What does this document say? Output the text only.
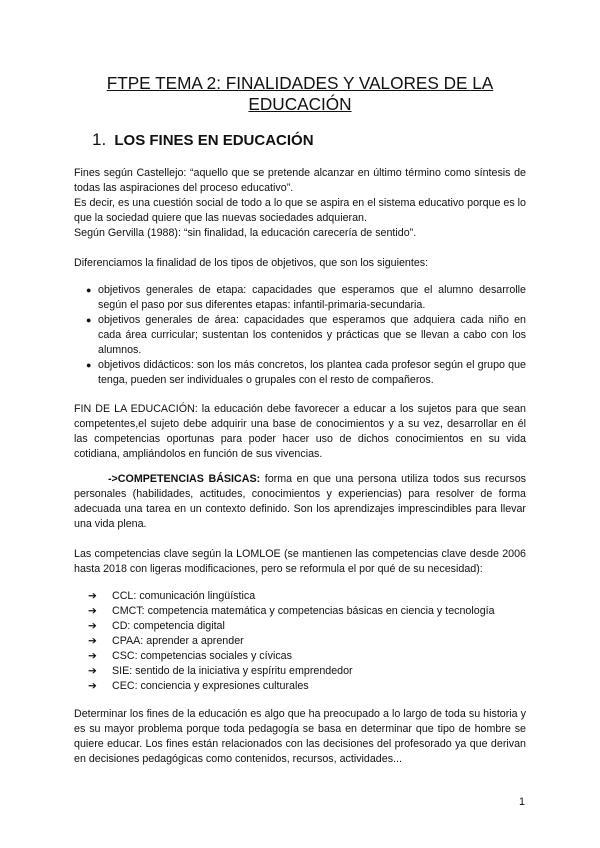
FTPE TEMA 2: FINALIDADES Y VALORES DE LA
EDUCACIÓN
1. LOS FINES EN EDUCACIÓN

Fines según Castellejo: “aquello que se pretende alcanzar en último término como síntesis de todas las aspiraciones del proceso educativo”.

Es decir, es una cuestión social de todo a lo que se aspira en el sistema educativo porque es lo que la sociedad quiere que las nuevas sociedades adquieran.

Según Gervilla (1988): “sin finalidad, la educación carecería de sentido”.

Diferenciamos la finalidad de los tipos de objetivos, que son los siguientes:

● objetivos generales de etapa: capacidades que esperamos que el alumno desarrolle según el paso por sus diferentes etapas: infantil-primaria-secundaria.
● objetivos generales de área: capacidades que esperamos que adquiera cada niño en cada área curricular; sustentan los contenidos y prácticas que se llevan a cabo con los alumnos.
● objetivos didácticos: son los más concretos, los plantea cada profesor según el grupo que tenga, pueden ser individuales o grupales con el resto de compañeros.

FIN DE LA EDUCACIÓN: la educación debe favorecer a educar a los sujetos para que sean competentes,el sujeto debe adquirir una base de conocimientos y a su vez, desarrollar en él las competencias oportunas para poder hacer uso de dichos conocimientos en su vida cotidiana, ampliándolos en función de sus vivencias.

->COMPETENCIAS BÁSICAS: forma en que una persona utiliza todos sus recursos personales (habilidades, actitudes, conocimientos y experiencias) para resolver de forma adecuada una tarea en un contexto definido. Son los aprendizajes imprescindibles para llevar una vida plena.

Las competencias clave según la LOMLOE (se mantienen las competencias clave desde 2006 hasta 2018 con ligeras modificaciones, pero se reformula el por qué de su necesidad):

➔ CCL: comunicación lingüística
➔ CMCT: competencia matemática y competencias básicas en ciencia y tecnología
➔ CD: competencia digital
➔ CPAA: aprender a aprender
➔ CSC: competencias sociales y cívicas
➔ SIE: sentido de la iniciativa y espíritu emprendedor
➔ CEC: conciencia y expresiones culturales

Determinar los fines de la educación es algo que ha preocupado a lo largo de toda su historia y es su mayor problema porque toda pedagogía se basa en determinar que tipo de hombre se quiere educar. Los fines están relacionados con las decisiones del profesorado ya que derivan en decisiones pedagógicas como contenidos, recursos, actividades...

1
